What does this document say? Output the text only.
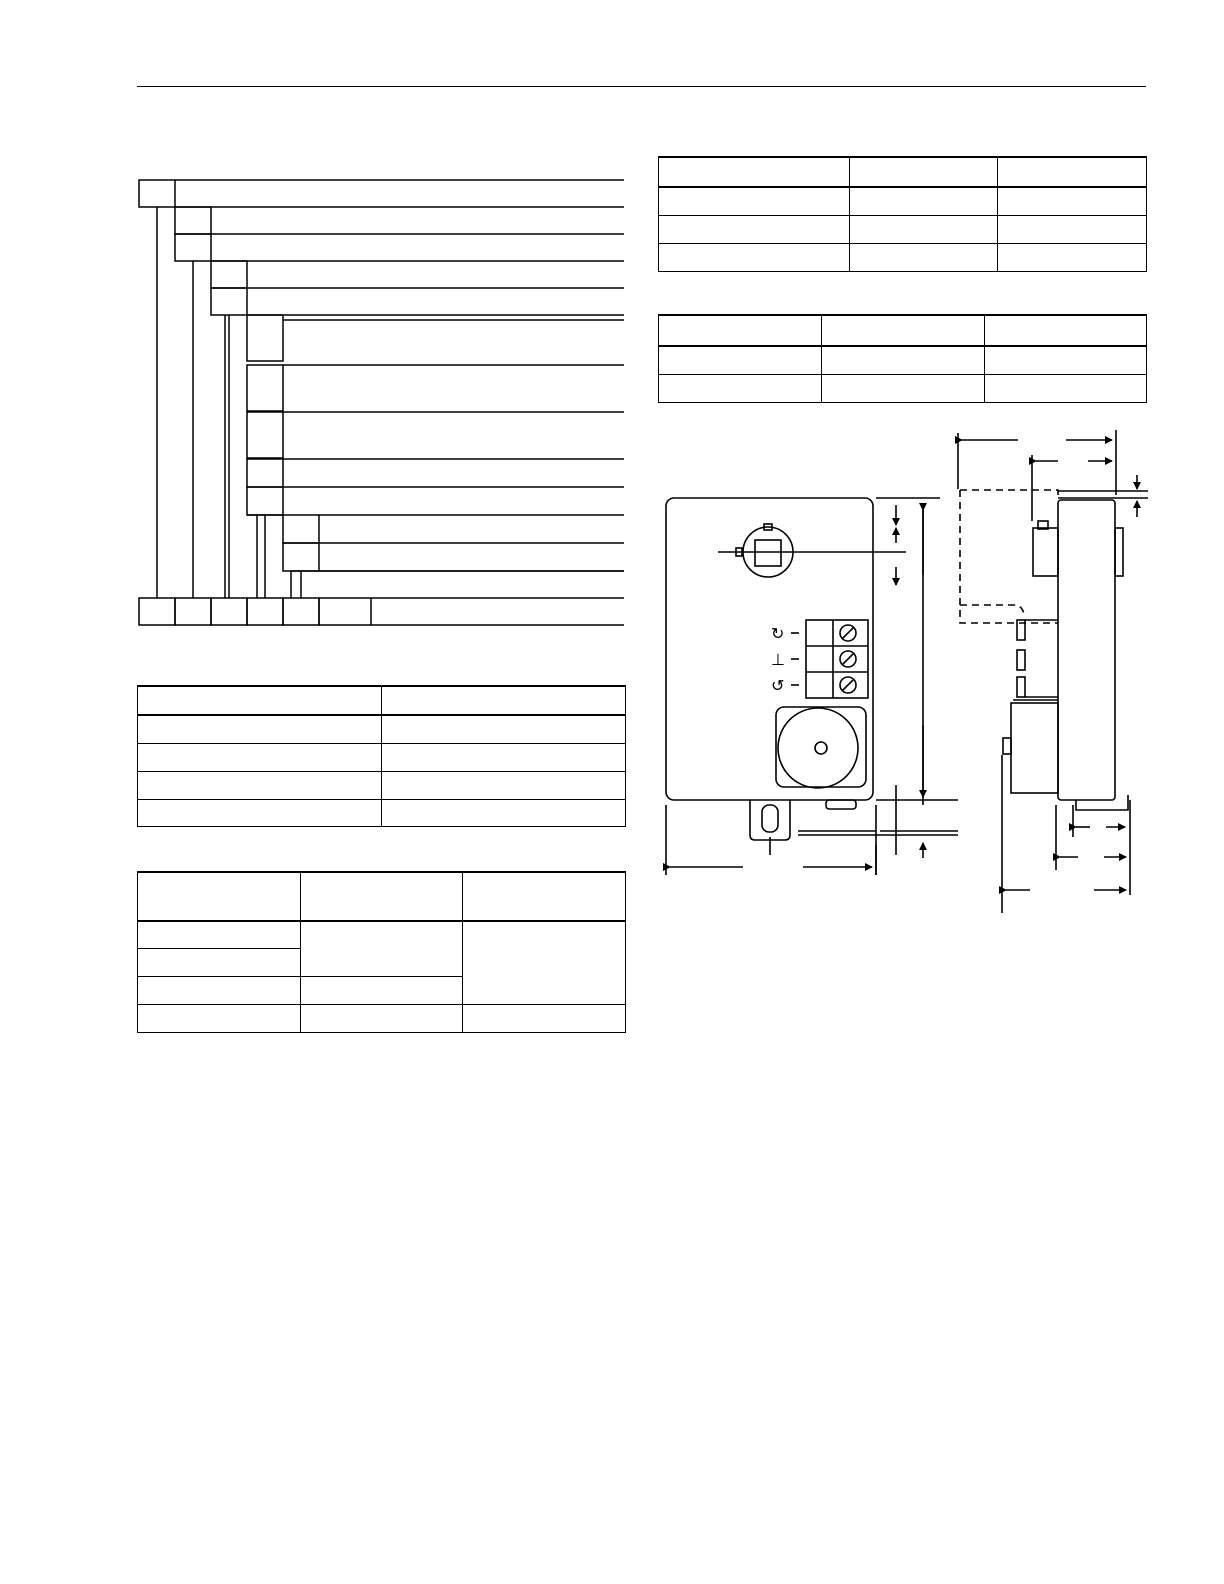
↻
⊥
↺
